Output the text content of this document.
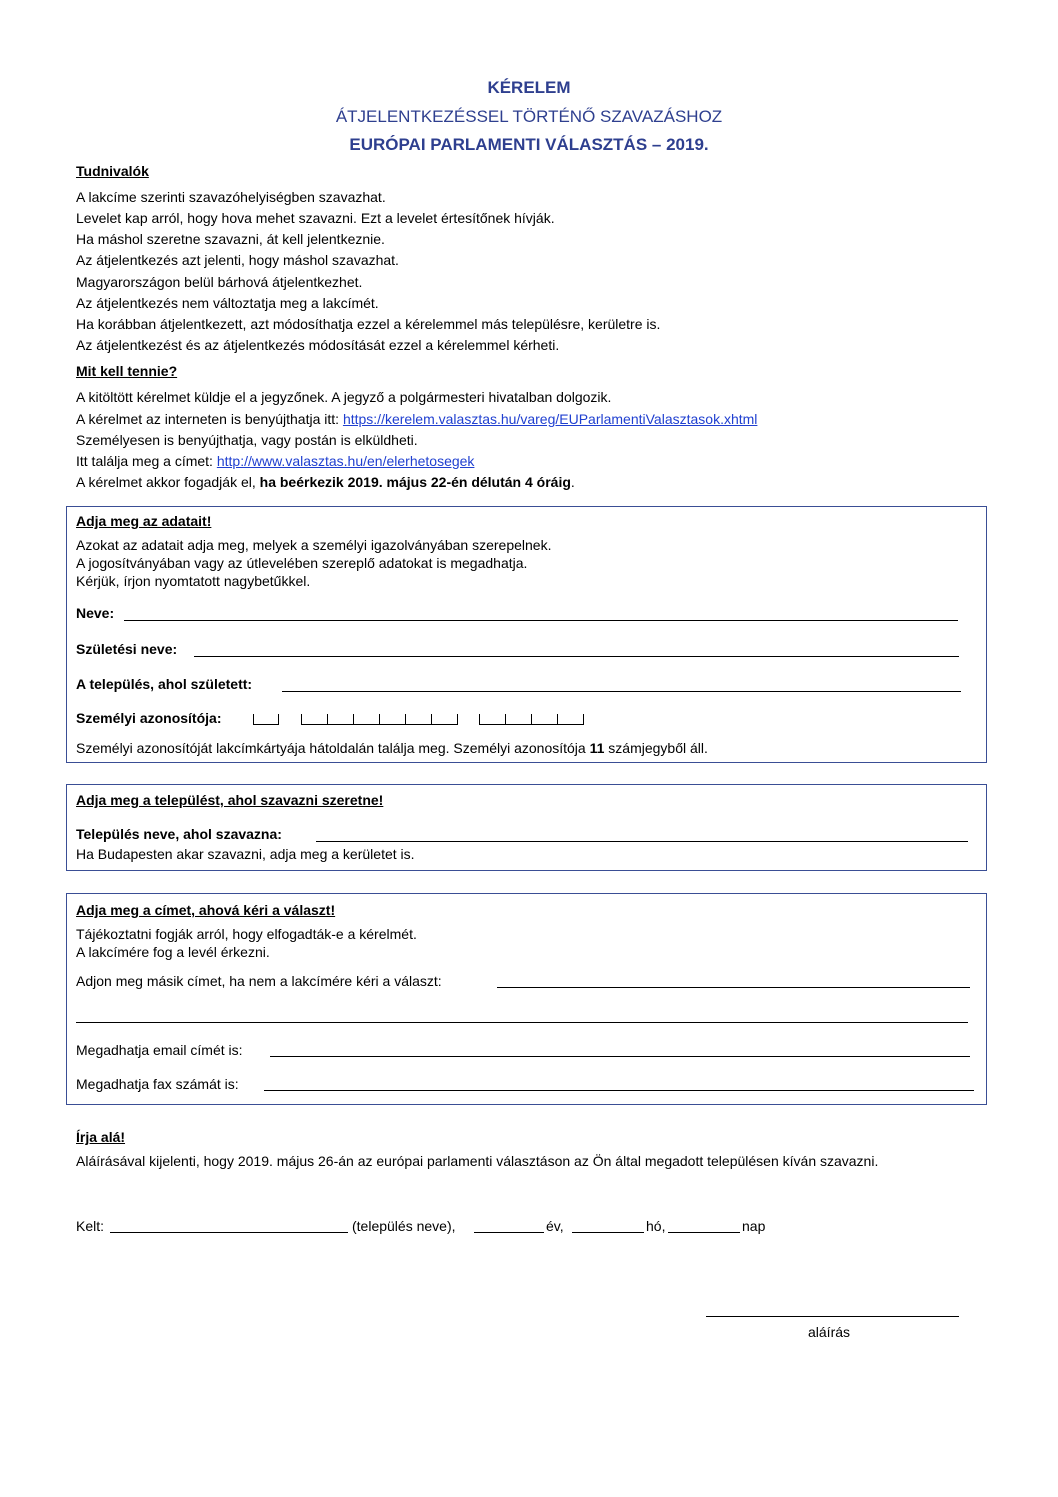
KÉRELEM
ÁTJELENTKEZÉSSEL TÖRTÉNŐ SZAVAZÁSHOZ
EURÓPAI PARLAMENTI VÁLASZTÁS – 2019.
Tudnivalók
A lakcíme szerinti szavazóhelyiségben szavazhat.
Levelet kap arról, hogy hova mehet szavazni. Ezt a levelet értesítőnek hívják.
Ha máshol szeretne szavazni, át kell jelentkeznie.
Az átjelentkezés azt jelenti, hogy máshol szavazhat.
Magyarországon belül bárhová átjelentkezhet.
Az átjelentkezés nem változtatja meg a lakcímét.
Ha korábban átjelentkezett, azt módosíthatja ezzel a kérelemmel más településre, kerületre is.
Az átjelentkezést és az átjelentkezés módosítását ezzel a kérelemmel kérheti.
Mit kell tennie?
A kitöltött kérelmet küldje el a jegyzőnek. A jegyző a polgármesteri hivatalban dolgozik.
A kérelmet az interneten is benyújthatja itt: https://kerelem.valasztas.hu/vareg/EUParlamentiValasztasok.xhtml
Személyesen is benyújthatja, vagy postán is elküldheti.
Itt találja meg a címet: http://www.valasztas.hu/en/elerhetosegek
A kérelmet akkor fogadják el, ha beérkezik 2019. május 22-én délután 4 óráig.
Adja meg az adatait!
Azokat az adatait adja meg, melyek a személyi igazolványában szerepelnek.
A jogosítványában vagy az útlevelében szereplő adatokat is megadhatja.
Kérjük, írjon nyomtatott nagybetűkkel.
Neve:
Születési neve:
A település, ahol született:
Személyi azonosítója:
Személyi azonosítóját lakcímkártyája hátoldalán találja meg. Személyi azonosítója 11 számjegyből áll.
Adja meg a települést, ahol szavazni szeretne!
Település neve, ahol szavazna:
Ha Budapesten akar szavazni, adja meg a kerületet is.
Adja meg a címet, ahová kéri a választ!
Tájékoztatni fogják arról, hogy elfogadták-e a kérelmét.
A lakcímére fog a levél érkezni.
Adjon meg másik címet, ha nem a lakcímére kéri a választ:
Megadhatja email címét is:
Megadhatja fax számát is:
Írja alá!
Aláírásával kijelenti, hogy 2019. május 26-án az európai parlamenti választáson az Ön által megadott településen kíván szavazni.
Kelt:	(település neve),	év,	hó,	nap
aláírás
